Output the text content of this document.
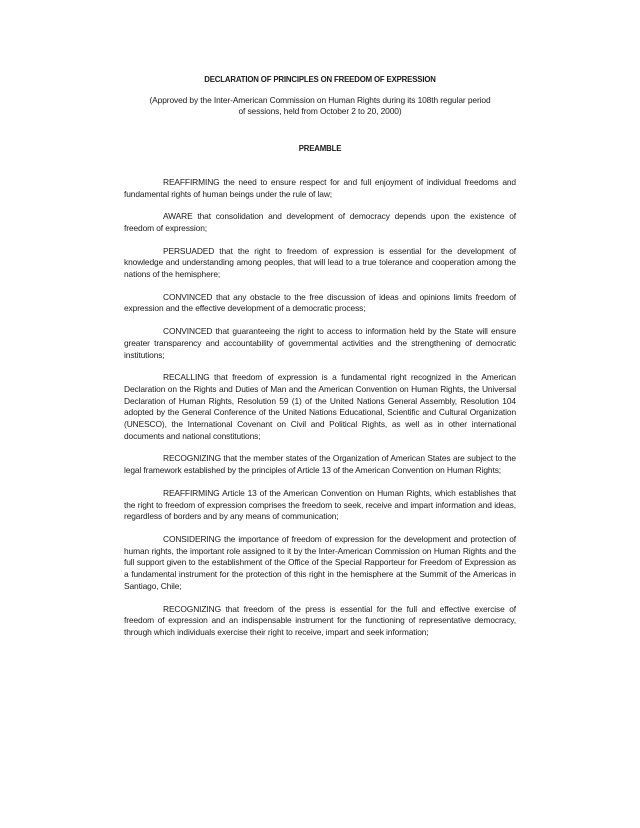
DECLARATION OF PRINCIPLES ON FREEDOM OF EXPRESSION
(Approved by the Inter-American Commission on Human Rights during its 108th regular period of sessions, held from October 2 to 20, 2000)
PREAMBLE

REAFFIRMING the need to ensure respect for and full enjoyment of individual freedoms and fundamental rights of human beings under the rule of law;

AWARE that consolidation and development of democracy depends upon the existence of freedom of expression;

PERSUADED that the right to freedom of expression is essential for the development of knowledge and understanding among peoples, that will lead to a true tolerance and cooperation among the nations of the hemisphere;

CONVINCED that any obstacle to the free discussion of ideas and opinions limits freedom of expression and the effective development of a democratic process;

CONVINCED that guaranteeing the right to access to information held by the State will ensure greater transparency and accountability of governmental activities and the strengthening of democratic institutions;

RECALLING that freedom of expression is a fundamental right recognized in the American Declaration on the Rights and Duties of Man and the American Convention on Human Rights, the Universal Declaration of Human Rights, Resolution 59 (1) of the United Nations General Assembly, Resolution 104 adopted by the General Conference of the United Nations Educational, Scientific and Cultural Organization (UNESCO), the International Covenant on Civil and Political Rights, as well as in other international documents and national constitutions;

RECOGNIZING that the member states of the Organization of American States are subject to the legal framework established by the principles of Article 13 of the American Convention on Human Rights;

REAFFIRMING Article 13 of the American Convention on Human Rights, which establishes that the right to freedom of expression comprises the freedom to seek, receive and impart information and ideas, regardless of borders and by any means of communication;

CONSIDERING the importance of freedom of expression for the development and protection of human rights, the important role assigned to it by the Inter-American Commission on Human Rights and the full support given to the establishment of the Office of the Special Rapporteur for Freedom of Expression as a fundamental instrument for the protection of this right in the hemisphere at the Summit of the Americas in Santiago, Chile;

RECOGNIZING that freedom of the press is essential for the full and effective exercise of freedom of expression and an indispensable instrument for the functioning of representative democracy, through which individuals exercise their right to receive, impart and seek information;
